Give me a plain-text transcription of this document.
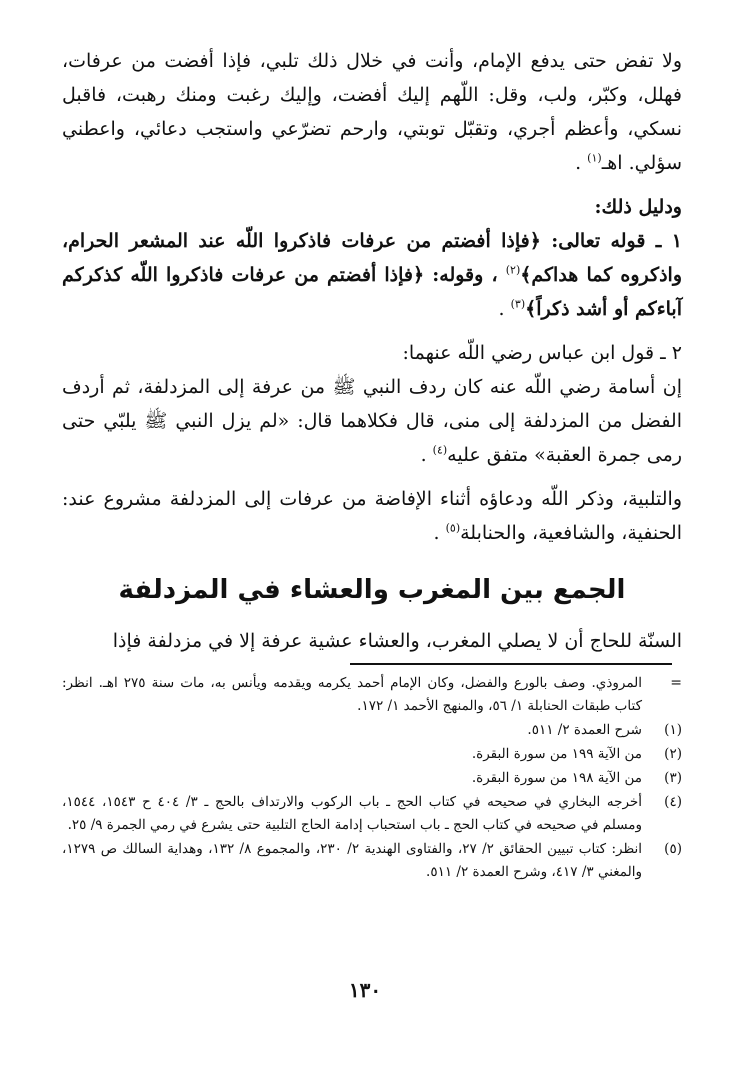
ولا تفض حتى يدفع الإمام، وأنت في خلال ذلك تلبي، فإذا أفضت من عرفات، فهلل، وكبّر، ولب، وقل: اللّهم إليك أفضت، وإليك رغبت ومنك رهبت، فاقبل نسكي، وأعظم أجري، وتقبّل توبتي، وارحم تضرّعي واستجب دعائي، واعطني سؤلي. اهـ$^{(١)}$ .

ودليل ذلك:

١ ـ قوله تعالى: ﴿فإذا أفضتم من عرفات فاذكروا اللّه عند المشعر الحرام، واذكروه كما هداكم﴾$^{(٢)}$ ، وقوله: ﴿فإذا أفضتم من عرفات فاذكروا اللّه كذكركم آباءكم أو أشد ذكراً﴾$^{(٣)}$ .

٢ ـ قول ابن عباس رضي اللّه عنهما:

إن أسامة رضي اللّه عنه كان ردف النبي ﷺ من عرفة إلى المزدلفة، ثم أردف الفضل من المزدلفة إلى منى، قال فكلاهما قال: «لم يزل النبي ﷺ يلبّي حتى رمى جمرة العقبة» متفق عليه$^{(٤)}$ .

والتلبية، وذكر اللّه ودعاؤه أثناء الإفاضة من عرفات إلى المزدلفة مشروع عند: الحنفية، والشافعية، والحنابلة$^{(٥)}$ .

الجمع بين المغرب والعشاء في المزدلفة

السنّة للحاج أن لا يصلي المغرب، والعشاء عشية عرفة إلا في مزدلفة فإذا

=
المروذي. وصف بالورع والفضل، وكان الإمام أحمد يكرمه ويقدمه ويأنس به، مات سنة ٢٧٥ اهـ. انظر: كتاب طبقات الحنابلة ١/ ٥٦، والمنهج الأحمد ١/ ١٧٢.
(١)
شرح العمدة ٢/ ٥١١.
(٢)
من الآية ١٩٩ من سورة البقرة.
(٣)
من الآية ١٩٨ من سورة البقرة.
(٤)
أخرجه البخاري في صحيحه في كتاب الحج ـ باب الركوب والارتداف بالحج ـ ٣/ ٤٠٤ ح ١٥٤٣، ١٥٤٤، ومسلم في صحيحه في كتاب الحج ـ باب استحباب إدامة الحاج التلبية حتى يشرع في رمي الجمرة ٩/ ٢٥.
(٥)
انظر: كتاب تبيين الحقائق ٢/ ٢٧، والفتاوى الهندية ٢/ ٢٣٠، والمجموع ٨/ ١٣٢، وهداية السالك ص ١٢٧٩، والمغني ٣/ ٤١٧، وشرح العمدة ٢/ ٥١١.
١٣٠
